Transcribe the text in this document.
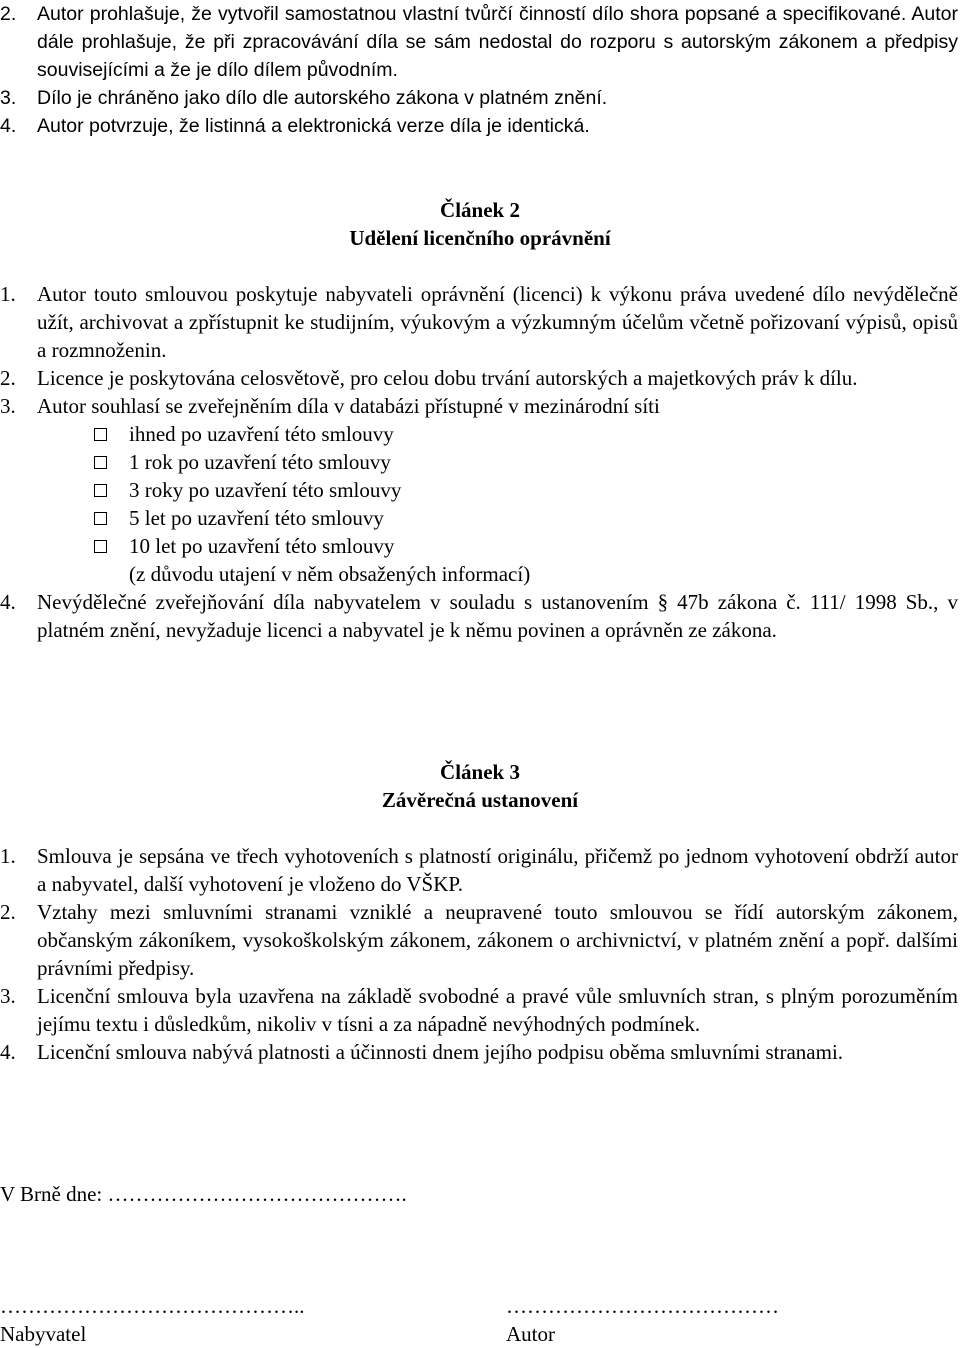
2. Autor prohlašuje, že vytvořil samostatnou vlastní tvůrčí činností dílo shora popsané a specifikované. Autor dále prohlašuje, že při zpracovávání díla se sám nedostal do rozporu s autorským zákonem a předpisy souvisejícími a že je dílo dílem původním.
3. Dílo je chráněno jako dílo dle autorského zákona v platném znění.
4. Autor potvrzuje, že listinná a elektronická verze díla je identická.
Článek 2
Udělení licenčního oprávnění
1. Autor touto smlouvou poskytuje nabyvateli oprávnění (licenci) k výkonu práva uvedené dílo nevýdělečně užít, archivovat a zpřístupnit ke studijním, výukovým a výzkumným účelům včetně pořizovaní výpisů, opisů a rozmnoženin.
2. Licence je poskytována celosvětově, pro celou dobu trvání autorských a majetkových práv k dílu.
3. Autor souhlasí se zveřejněním díla v databázi přístupné v mezinárodní síti
ihned po uzavření této smlouvy
1 rok po uzavření této smlouvy
3 roky po uzavření této smlouvy
5 let po uzavření této smlouvy
10 let po uzavření této smlouvy
(z důvodu utajení v něm obsažených informací)
4. Nevýdělečné zveřejňování díla nabyvatelem v souladu s ustanovením § 47b zákona č. 111/ 1998 Sb., v platném znění, nevyžaduje licenci a nabyvatel je k němu povinen a oprávněn ze zákona.
Článek 3
Závěrečná ustanovení
1. Smlouva je sepsána ve třech vyhotoveních s platností originálu, přičemž po jednom vyhotovení obdrží autor a nabyvatel, další vyhotovení je vloženo do VŠKP.
2. Vztahy mezi smluvními stranami vzniklé a neupravené touto smlouvou se řídí autorským zákonem, občanským zákoníkem, vysokoškolským zákonem, zákonem o archivnictví, v platném znění a popř. dalšími právními předpisy.
3. Licenční smlouva byla uzavřena na základě svobodné a pravé vůle smluvních stran, s plným porozuměním jejímu textu i důsledkům, nikoliv v tísni a za nápadně nevýhodných podmínek.
4. Licenční smlouva nabývá platnosti a účinnosti dnem jejího podpisu oběma smluvními stranami.
V Brně dne: …………………………………….
……………………………………..
Nabyvatel
…………………………………
Autor
